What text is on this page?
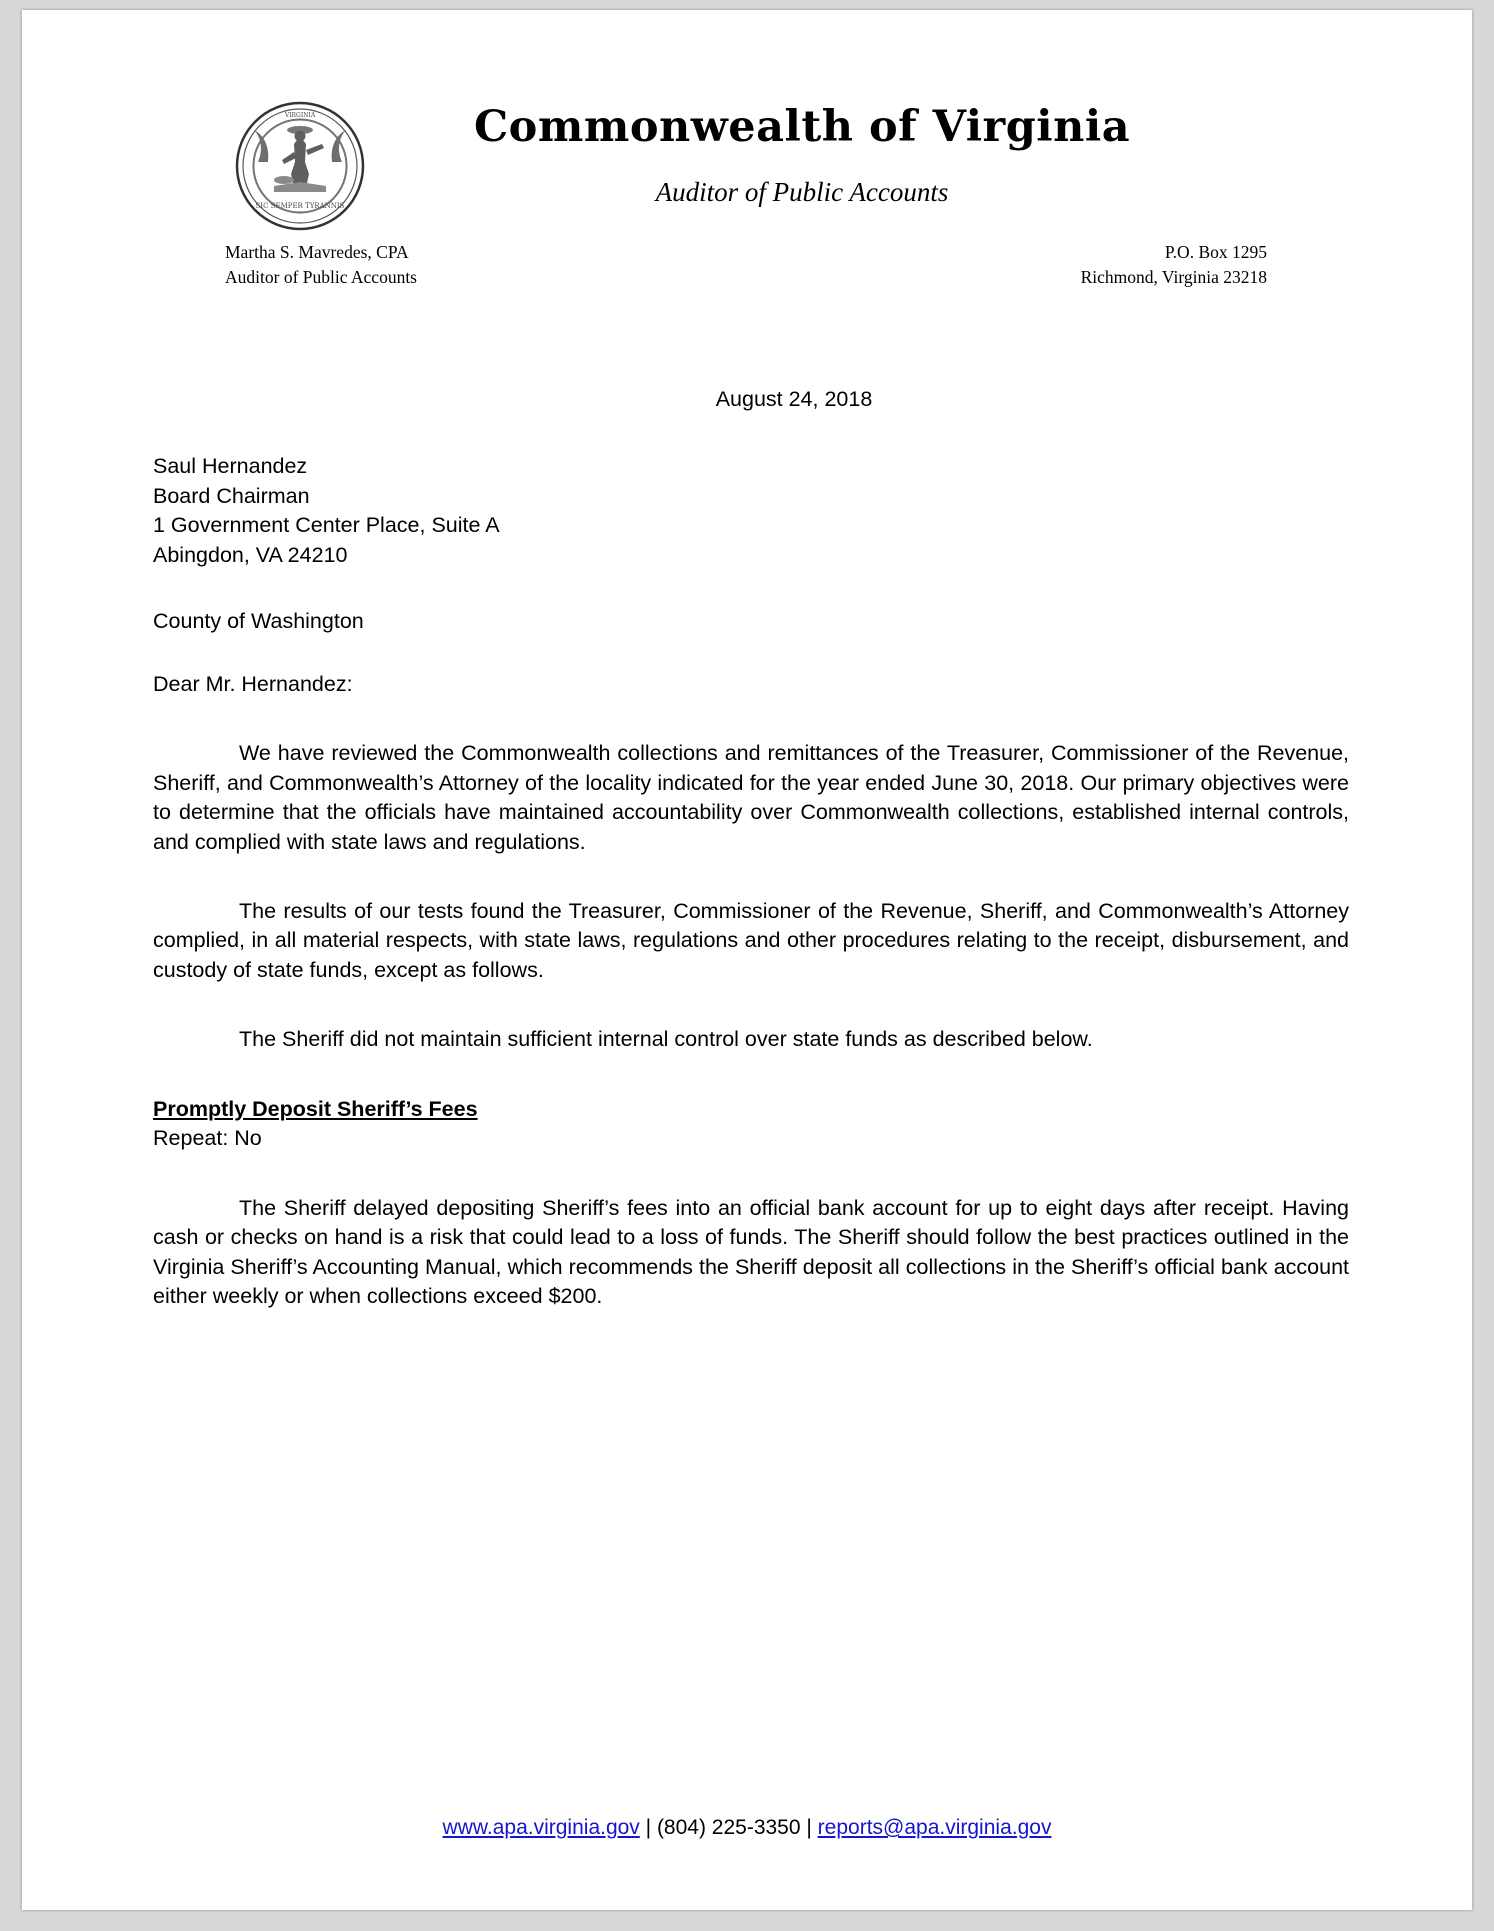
SIC SEMPER TYRANNIS
VIRGINIA	Commonwealth of Virginia
Auditor of Public Accounts
Martha S. Mavredes, CPA
Auditor of Public Accounts
P.O. Box 1295
Richmond, Virginia 23218
August 24, 2018
Saul Hernandez
Board Chairman
1 Government Center Place, Suite A
Abingdon, VA 24210
County of Washington
Dear Mr. Hernandez:

We have reviewed the Commonwealth collections and remittances of the Treasurer, Commissioner of the Revenue, Sheriff, and Commonwealth’s Attorney of the locality indicated for the year ended June 30, 2018. Our primary objectives were to determine that the officials have maintained accountability over Commonwealth collections, established internal controls, and complied with state laws and regulations.

The results of our tests found the Treasurer, Commissioner of the Revenue, Sheriff, and Commonwealth’s Attorney complied, in all material respects, with state laws, regulations and other procedures relating to the receipt, disbursement, and custody of state funds, except as follows.

The Sheriff did not maintain sufficient internal control over state funds as described below.

Promptly Deposit Sheriff’s Fees

Repeat: No

The Sheriff delayed depositing Sheriff’s fees into an official bank account for up to eight days after receipt. Having cash or checks on hand is a risk that could lead to a loss of funds. The Sheriff should follow the best practices outlined in the Virginia Sheriff’s Accounting Manual, which recommends the Sheriff deposit all collections in the Sheriff’s official bank account either weekly or when collections exceed $200.

www.apa.virginia.gov | (804) 225-3350 | reports@apa.virginia.gov
